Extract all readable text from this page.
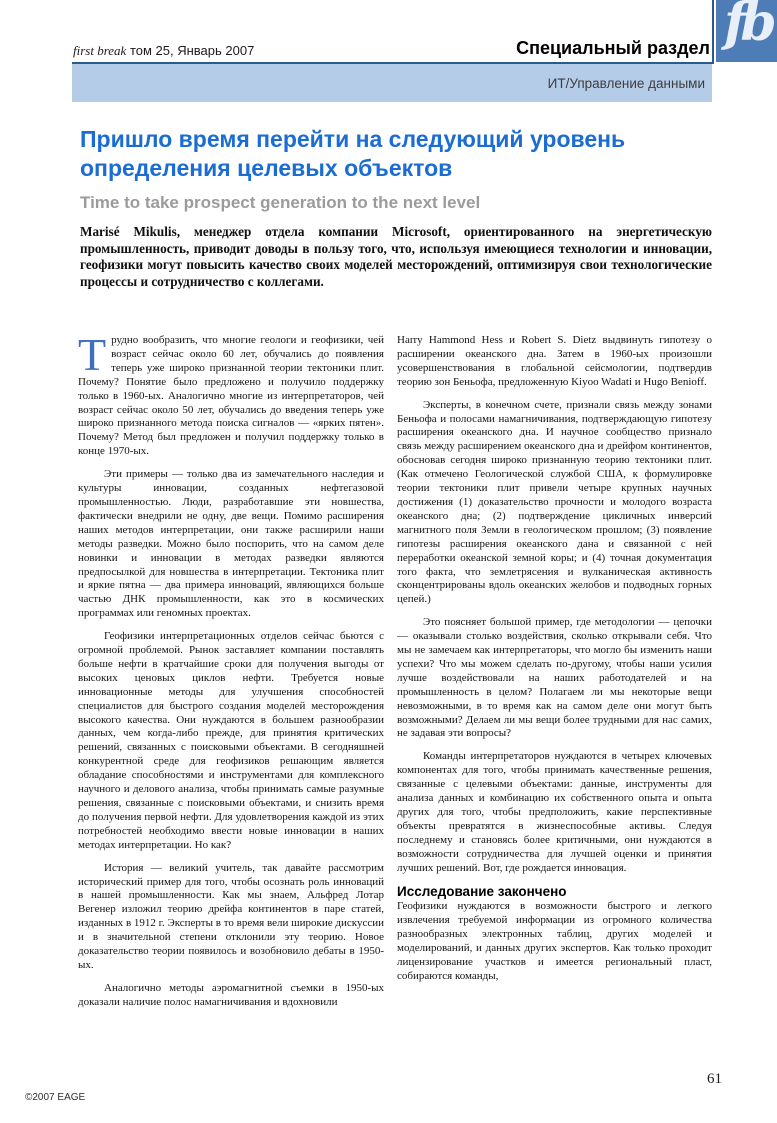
first break том 25, Январь 2007	Специальный раздел
ИТ/Управление данными
fb
Пришло время перейти на следующий уровень определения целевых объектов
Time to take prospect generation to the next level

Marisé Mikulis, менеджер отдела компании Microsoft, ориентированного на энергетическую промышленность, приводит доводы в пользу того, что, используя имеющиеся технологии и инновации, геофизики могут повысить качество своих моделей месторождений, оптимизируя свои технологические процессы и сотрудничество с коллегами.

Трудно вообразить, что многие геологи и геофизики, чей возраст сейчас около 60 лет, обучались до появления теперь уже широко признанной теории тектоники плит. Почему? Понятие было предложено и получило поддержку только в 1960-ых. Аналогично многие из интерпретаторов, чей возраст сейчас около 50 лет, обучались до введения теперь уже широко признанного метода поиска сигналов — «ярких пятен». Почему? Метод был предложен и получил поддержку только в конце 1970-ых.

Эти примеры — только два из замечательного наследия и культуры инновации, созданных нефтегазовой промышленностью. Люди, разработавшие эти новшества, фактически внедрили не одну, две вещи. Помимо расширения наших методов интерпретации, они также расширили наши методы разведки. Можно было поспорить, что на самом деле новинки и инновации в методах разведки являются предпосылкой для новшества в интерпретации. Тектоника плит и яркие пятна — два примера инноваций, являющихся больше частью ДНК промышленности, как это в космических программах или геномных проектах.

Геофизики интерпретационных отделов сейчас бьются с огромной проблемой. Рынок заставляет компании поставлять больше нефти в кратчайшие сроки для получения выгоды от высоких ценовых циклов нефти. Требуется новые инновационные методы для улучшения способностей специалистов для быстрого создания моделей месторождения высокого качества. Они нуждаются в большем разнообразии данных, чем когда-либо прежде, для принятия критических решений, связанных с поисковыми объектами. В сегодняшней конкурентной среде для геофизиков решающим является обладание способностями и инструментами для комплексного научного и делового анализа, чтобы принимать самые разумные решения, связанные с поисковыми объектами, и снизить время до получения первой нефти. Для удовлетворения каждой из этих потребностей необходимо ввести новые инновации в наших методах интерпретации. Но как?

История — великий учитель, так давайте рассмотрим исторический пример для того, чтобы осознать роль инноваций в нашей промышленности. Как мы знаем, Альфред Лотар Вегенер изложил теорию дрейфа континентов в паре статей, изданных в 1912 г. Эксперты в то время вели широкие дискуссии и в значительной степени отклонили эту теорию. Новое доказательство теории появилось и возобновило дебаты в 1950-ых.

Аналогично методы аэромагнитной съемки в 1950-ых доказали наличие полос намагничивания и вдохновили

Harry Hammond Hess и Robert S. Dietz выдвинуть гипотезу о расширении океанского дна. Затем в 1960-ых произошли усовершенствования в глобальной сейсмологии, подтвердив теорию зон Беньофа, предложенную Kiyoo Wadati и Hugo Benioff.

Эксперты, в конечном счете, признали связь между зонами Беньофа и полосами намагничивания, подтверждающую гипотезу расширения океанского дна. И научное сообщество признало связь между расширением океанского дна и дрейфом континентов, обосновав сегодня широко признанную теорию тектоники плит. (Как отмечено Геологической службой США, к формулировке теории тектоники плит привели четыре крупных научных достижения (1) доказательство прочности и молодого возраста океанского дна; (2) подтверждение цикличных инверсий магнитного поля Земли в геологическом прошлом; (3) появление гипотезы расширения океанского дана и связанной с ней переработки океанской земной коры; и (4) точная документация того факта, что землетрясения и вулканическая активность сконцентрированы вдоль океанских желобов и подводных горных цепей.)

Это поясняет большой пример, где методологии — цепочки — оказывали столько воздействия, сколько открывали себя. Что мы не замечаем как интерпретаторы, что могло бы изменить наши успехи? Что мы можем сделать по-другому, чтобы наши усилия лучше воздействовали на наших работодателей и на промышленность в целом? Полагаем ли мы некоторые вещи невозможными, в то время как на самом деле они могут быть возможными? Делаем ли мы вещи более трудными для нас самих, не задавая эти вопросы?

Команды интерпретаторов нуждаются в четырех ключевых компонентах для того, чтобы принимать качественные решения, связанные с целевыми объектами: данные, инструменты для анализа данных и комбинацию их собственного опыта и опыта других для того, чтобы предположить, какие перспективные объекты превратятся в жизнеспособные активы. Следуя последнему и становясь более критичными, они нуждаются в возможности сотрудничества для лучшей оценки и принятия лучших решений. Вот, где рождается инновация.

Исследование закончено

Геофизики нуждаются в возможности быстрого и легкого извлечения требуемой информации из огромного количества разнообразных электронных таблиц, других моделей и моделирований, и данных других экспертов. Как только проходит лицензирование участков и имеется региональный пласт, собираются команды,

©2007 EAGE
61
